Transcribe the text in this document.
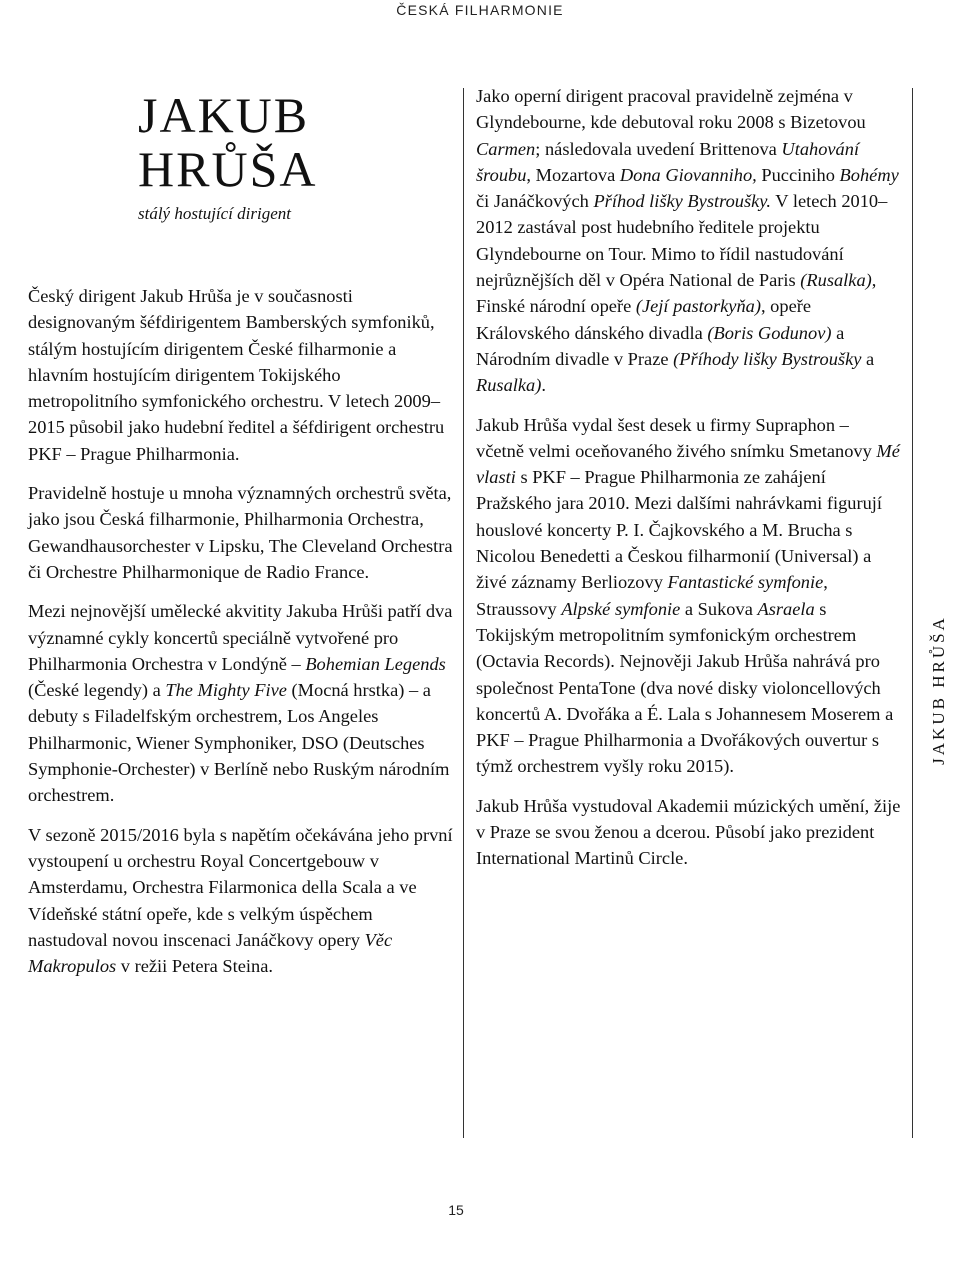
ČESKÁ FILHARMONIE
JAKUB
HRŮŠA
stálý hostující dirigent

Český dirigent Jakub Hrůša je v současnosti designovaným šéfdirigentem Bamberských symfoniků, stálým hostujícím dirigentem České filharmonie a hlavním hostujícím dirigentem Tokijského metropolitního symfonického orchestru. V letech 2009–2015 působil jako hudební ředitel a šéfdirigent orchestru PKF – Prague Philharmonia.

Pravidelně hostuje u mnoha významných orchestrů světa, jako jsou Česká filharmonie, Philharmonia Orchestra, Gewandhausorchester v Lipsku, The Cleveland Orchestra či Orchestre Philharmonique de Radio France.

Mezi nejnovější umělecké akvitity Jakuba Hrůši patří dva významné cykly koncertů speciálně vytvořené pro Philharmonia Orchestra v Londýně – Bohemian Legends (České legendy) a The Mighty Five (Mocná hrstka) – a debuty s Filadelfským orchestrem, Los Angeles Philharmonic, Wiener Symphoniker, DSO (Deutsches Symphonie-Orchester) v Berlíně nebo Ruským národním orchestrem.

V sezoně 2015/2016 byla s napětím očekávána jeho první vystoupení u orchestru Royal Concertgebouw v Amsterdamu, Orchestra Filarmonica della Scala a ve Vídeňské státní opeře, kde s velkým úspěchem nastudoval novou inscenaci Janáčkovy opery Věc Makropulos v režii Petera Steina.

Jako operní dirigent pracoval pravidelně zejména v Glyndebourne, kde debutoval roku 2008 s Bizetovou Carmen; následovala uvedení Brittenova Utahování šroubu, Mozartova Dona Giovanniho, Pucciniho Bohémy či Janáčkových Příhod lišky Bystroušky. V letech 2010–2012 zastával post hudebního ředitele projektu Glyndebourne on Tour. Mimo to řídil nastudování nejrůznějších děl v Opéra National de Paris (Rusalka), Finské národní opeře (Její pastorkyňa), opeře Královského dánského divadla (Boris Godunov) a Národním divadle v Praze (Příhody lišky Bystroušky a Rusalka).

Jakub Hrůša vydal šest desek u firmy Supraphon – včetně velmi oceňovaného živého snímku Smetanovy Mé vlasti s PKF – Prague Philharmonia ze zahájení Pražského jara 2010. Mezi dalšími nahrávkami figurují houslové koncerty P. I. Čajkovského a M. Brucha s Nicolou Benedetti a Českou filharmonií (Universal) a živé záznamy Berliozovy Fantastické symfonie, Straussovy Alpské symfonie a Sukova Asraela s Tokijským metropolitním symfonickým orchestrem (Octavia Records). Nejnověji Jakub Hrůša nahrává pro společnost PentaTone (dva nové disky violoncellových koncertů A. Dvořáka a É. Lala s Johannesem Moserem a PKF – Prague Philharmonia a Dvořákových ouvertur s týmž orchestrem vyšly roku 2015).

Jakub Hrůša vystudoval Akademii múzických umění, žije v Praze se svou ženou a dcerou. Působí jako prezident International Martinů Circle.

JAKUB HRŮŠA
15
